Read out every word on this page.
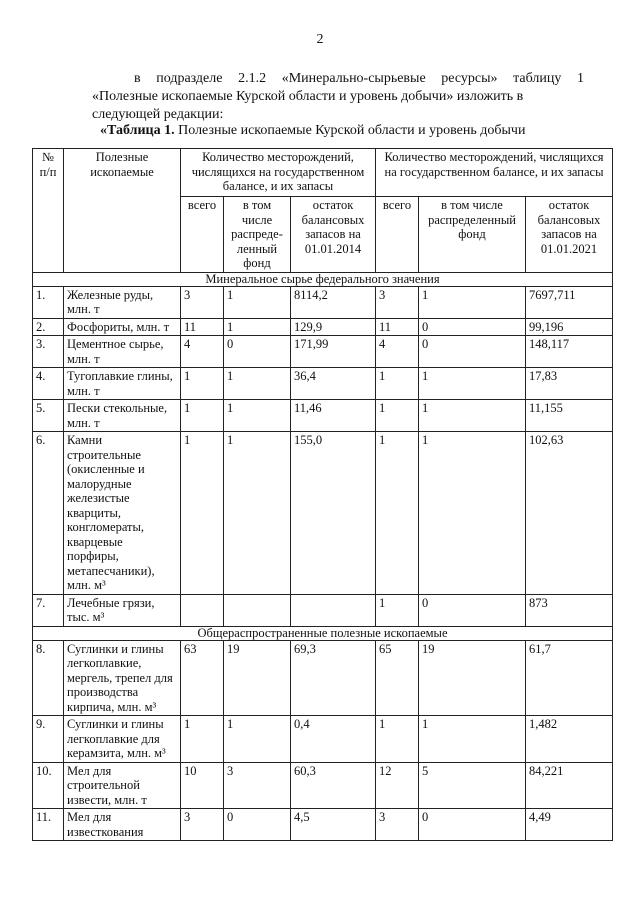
2
в подразделе 2.1.2 «Минерально-сырьевые ресурсы» таблицу 1
«Полезные ископаемые Курской области и уровень добычи» изложить в
следующей редакции:
«Таблица 1. Полезные ископаемые Курской области и уровень добычи
№ п/п	Полезные ископаемые	Количество месторождений, числящихся на государственном балансе, и их запасы			Количество месторождений, числящихся на государственном балансе, и их запасы		
		всего	в том числе распреде-ленный фонд	остаток балансовых запасов на 01.01.2014	всего	в том числе распределенный фонд	остаток балансовых запасов на 01.01.2021
Минеральное сырье федерального значения							
1.	Железные руды, млн. т	3	1	8114,2	3	1	7697,711
2.	Фосфориты, млн. т	11	1	129,9	11	0	99,196
3.	Цементное сырье, млн. т	4	0	171,99	4	0	148,117
4.	Тугоплавкие глины, млн. т	1	1	36,4	1	1	17,83
5.	Пески стекольные, млн. т	1	1	11,46	1	1	11,155
6.	Камни строительные (окисленные и малорудные железистые кварциты, конгломераты, кварцевые порфиры, метапесчаники), млн. м³	1	1	155,0	1	1	102,63
7.	Лечебные грязи, тыс. м³				1	0	873
Общераспространенные полезные ископаемые							
8.	Суглинки и глины легкоплавкие, мергель, трепел для производства кирпича, млн. м³	63	19	69,3	65	19	61,7
9.	Суглинки и глины легкоплавкие для керамзита, млн. м³	1	1	0,4	1	1	1,482
10.	Мел для строительной извести, млн. т	10	3	60,3	12	5	84,221
11.	Мел для известкования	3	0	4,5	3	0	4,49
